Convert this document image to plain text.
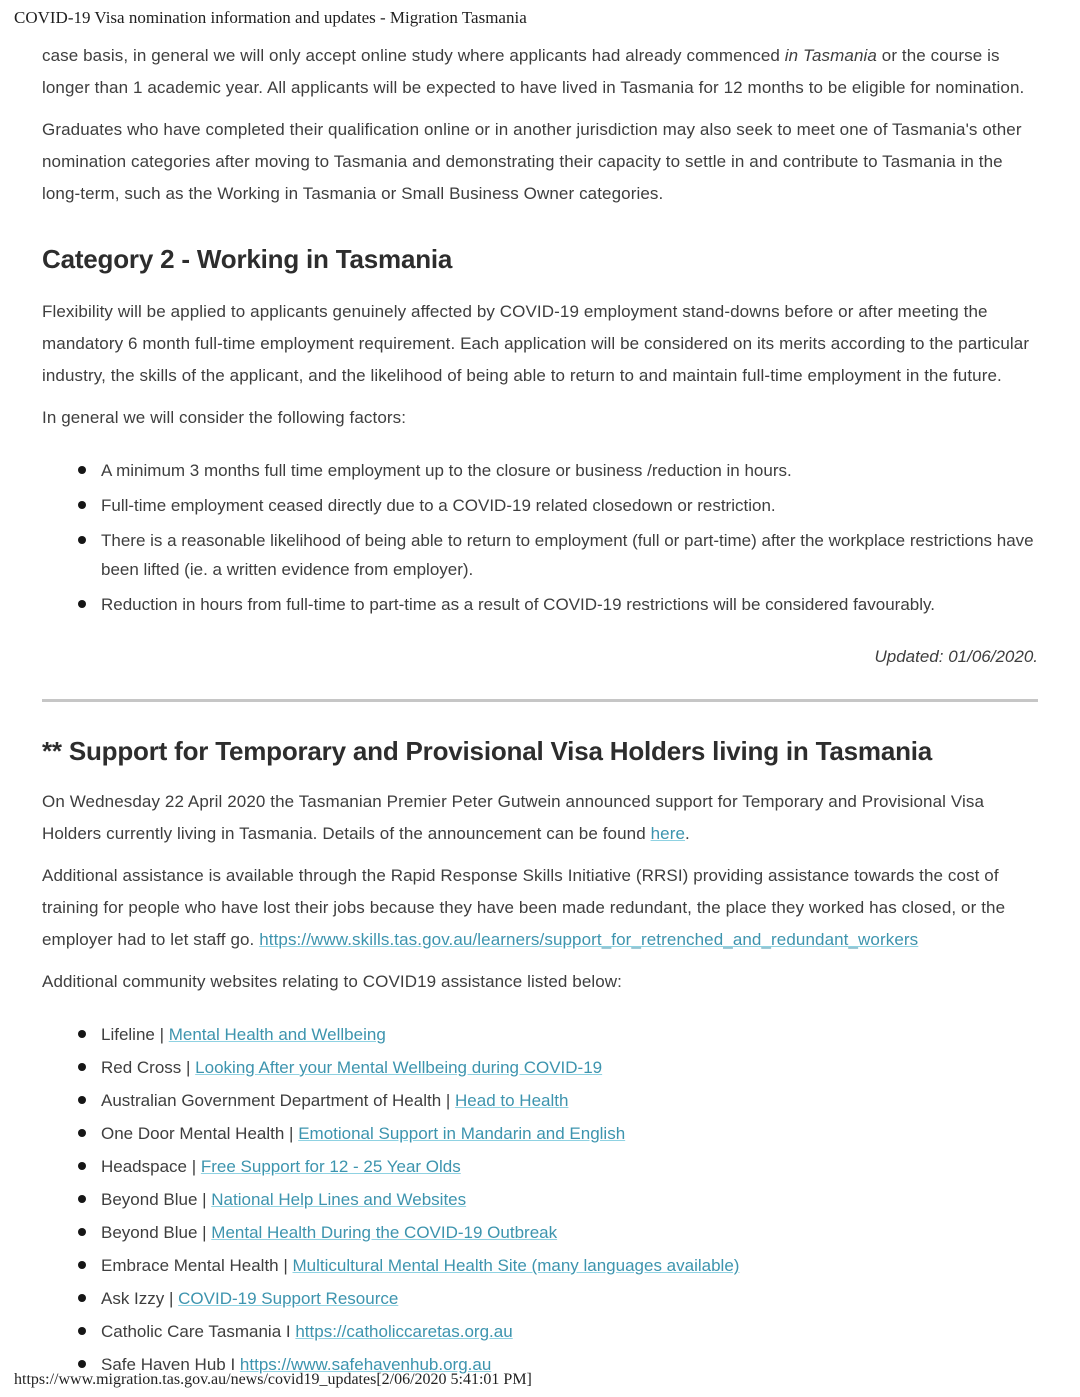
COVID-19 Visa nomination information and updates - Migration Tasmania

case basis, in general we will only accept online study where applicants had already commenced in Tasmania or the course is longer than 1 academic year. All applicants will be expected to have lived in Tasmania for 12 months to be eligible for nomination.

Graduates who have completed their qualification online or in another jurisdiction may also seek to meet one of Tasmania's other nomination categories after moving to Tasmania and demonstrating their capacity to settle in and contribute to Tasmania in the long-term, such as the Working in Tasmania or Small Business Owner categories.

Category 2 - Working in Tasmania

Flexibility will be applied to applicants genuinely affected by COVID-19 employment stand-downs before or after meeting the mandatory 6 month full-time employment requirement. Each application will be considered on its merits according to the particular industry, the skills of the applicant, and the likelihood of being able to return to and maintain full-time employment in the future.

In general we will consider the following factors:

A minimum 3 months full time employment up to the closure or business /reduction in hours.
Full-time employment ceased directly due to a COVID-19 related closedown or restriction.
There is a reasonable likelihood of being able to return to employment (full or part-time) after the workplace restrictions have been lifted (ie. a written evidence from employer).
Reduction in hours from full-time to part-time as a result of COVID-19 restrictions will be considered favourably.

Updated: 01/06/2020.

** Support for Temporary and Provisional Visa Holders living in Tasmania

On Wednesday 22 April 2020 the Tasmanian Premier Peter Gutwein announced support for Temporary and Provisional Visa Holders currently living in Tasmania. Details of the announcement can be found here.

Additional assistance is available through the Rapid Response Skills Initiative (RRSI) providing assistance towards the cost of training for people who have lost their jobs because they have been made redundant, the place they worked has closed, or the employer had to let staff go. https://www.skills.tas.gov.au/learners/support_for_retrenched_and_redundant_workers

Additional community websites relating to COVID19 assistance listed below:

Lifeline | Mental Health and Wellbeing
Red Cross | Looking After your Mental Wellbeing during COVID-19
Australian Government Department of Health | Head to Health
One Door Mental Health | Emotional Support in Mandarin and English
Headspace | Free Support for 12 - 25 Year Olds
Beyond Blue | National Help Lines and Websites
Beyond Blue | Mental Health During the COVID-19 Outbreak
Embrace Mental Health | Multicultural Mental Health Site (many languages available)
Ask Izzy | COVID-19 Support Resource
Catholic Care Tasmania I https://catholiccaretas.org.au
Safe Haven Hub I https://www.safehavenhub.org.au
https://www.migration.tas.gov.au/news/covid19_updates[2/06/2020 5:41:01 PM]
